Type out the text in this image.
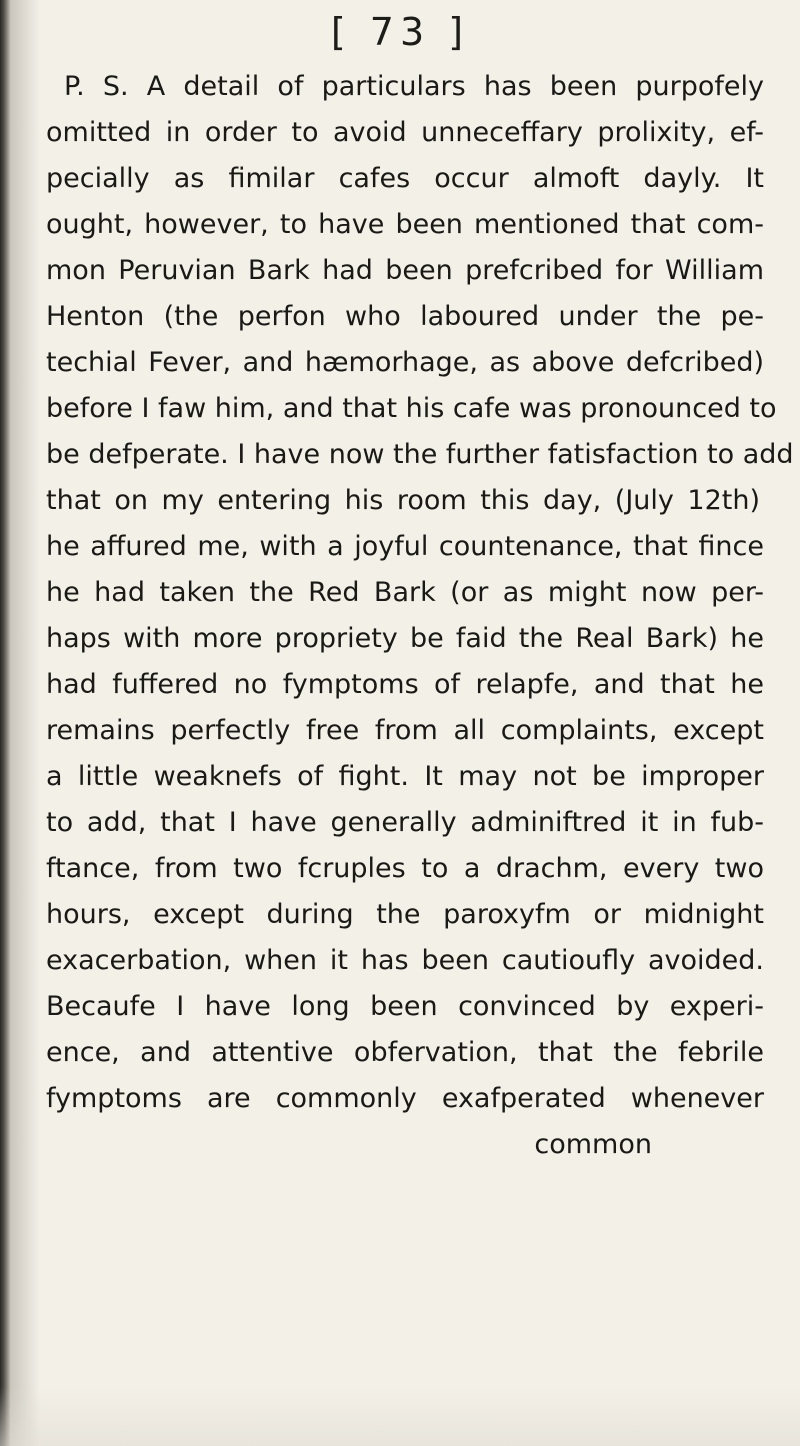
[ 73 ]
P. S. A detail of particulars has been purpofely
omitted in order to avoid unneceffary prolixity, ef-
pecially as fimilar cafes occur almoft dayly. It
ought, however, to have been mentioned that com-
mon Peruvian Bark had been prefcribed for William
Henton (the perfon who laboured under the pe-
techial Fever, and hæmorhage, as above defcribed)
before I faw him, and that his cafe was pronounced to
be defperate. I have now the further fatisfaction to add
that on my entering his room this day, (July 12th)
he affured me, with a joyful countenance, that fince
he had taken the Red Bark (or as might now per-
haps with more propriety be faid the Real Bark) he
had fuffered no fymptoms of relapfe, and that he
remains perfectly free from all complaints, except
a little weaknefs of fight. It may not be improper
to add, that I have generally adminiftred it in fub-
ftance, from two fcruples to a drachm, every two
hours, except during the paroxyfm or midnight
exacerbation, when it has been cautioufly avoided.
Becaufe I have long been convinced by experi-
ence, and attentive obfervation, that the febrile
fymptoms are commonly exafperated whenever
common
